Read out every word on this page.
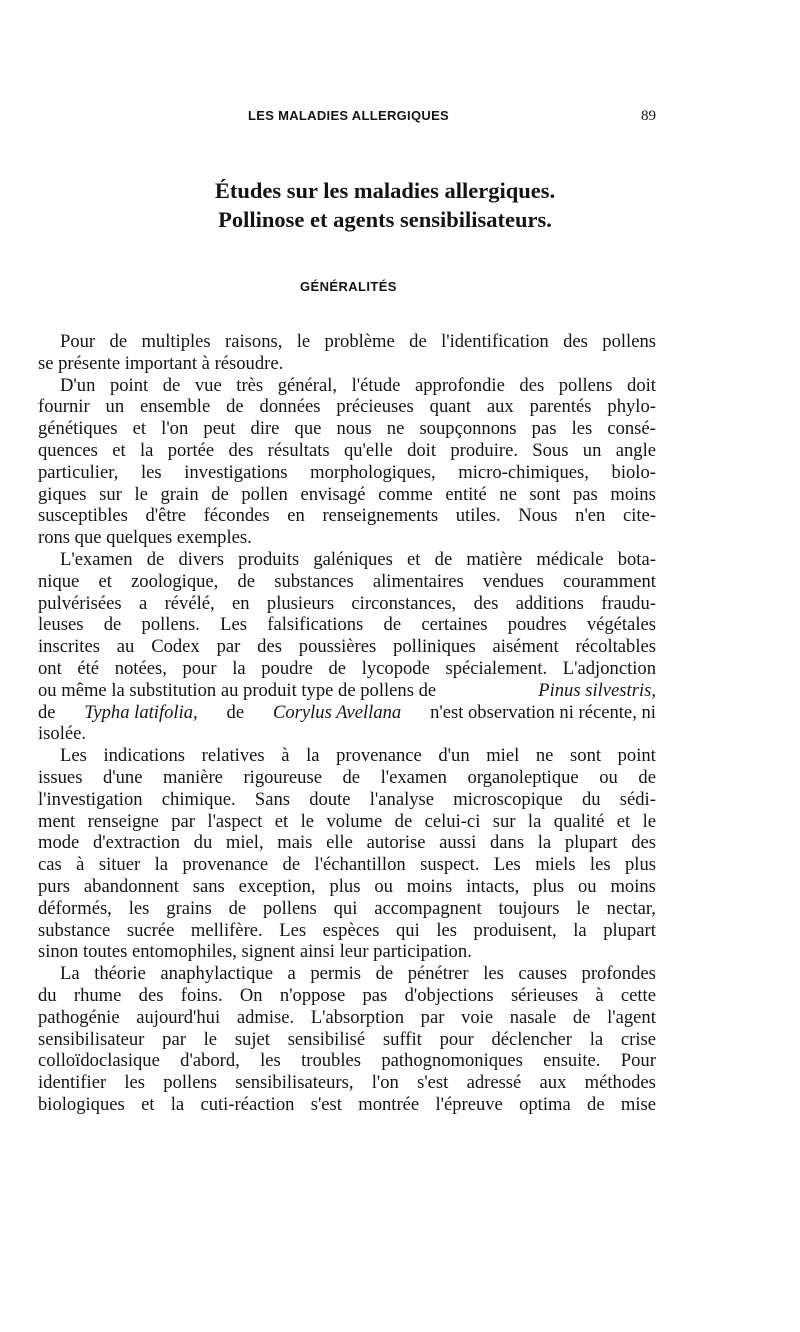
LES MALADIES ALLERGIQUES	89
Études sur les maladies allergiques.
Pollinose et agents sensibilisateurs.
GÉNÉRALITÉS
Pour de multiples raisons, le problème de l'identification des pollens
se présente important à résoudre.
D'un point de vue très général, l'étude approfondie des pollens doit
fournir un ensemble de données précieuses quant aux parentés phylo-
génétiques et l'on peut dire que nous ne soupçonnons pas les consé-
quences et la portée des résultats qu'elle doit produire. Sous un angle
particulier, les investigations morphologiques, micro-chimiques, biolo-
giques sur le grain de pollen envisagé comme entité ne sont pas moins
susceptibles d'être fécondes en renseignements utiles. Nous n'en cite-
rons que quelques exemples.
L'examen de divers produits galéniques et de matière médicale bota-
nique et zoologique, de substances alimentaires vendues couramment
pulvérisées a révélé, en plusieurs circonstances, des additions fraudu-
leuses de pollens. Les falsifications de certaines poudres végétales
inscrites au Codex par des poussières polliniques aisément récoltables
ont été notées, pour la poudre de lycopode spécialement. L'adjonction
ou même la substitution au produit type de pollens de	Pinus silvestris,
de Typha latifolia, de Corylus Avellana n'est observation ni récente, ni
isolée.
Les indications relatives à la provenance d'un miel ne sont point
issues d'une manière rigoureuse de l'examen organoleptique ou de
l'investigation chimique. Sans doute l'analyse microscopique du sédi-
ment renseigne par l'aspect et le volume de celui-ci sur la qualité et le
mode d'extraction du miel, mais elle autorise aussi dans la plupart des
cas à situer la provenance de l'échantillon suspect. Les miels les plus
purs abandonnent sans exception, plus ou moins intacts, plus ou moins
déformés, les grains de pollens qui accompagnent toujours le nectar,
substance sucrée mellifère. Les espèces qui les produisent, la plupart
sinon toutes entomophiles, signent ainsi leur participation.
La théorie anaphylactique a permis de pénétrer les causes profondes
du rhume des foins. On n'oppose pas d'objections sérieuses à cette
pathogénie aujourd'hui admise. L'absorption par voie nasale de l'agent
sensibilisateur par le sujet sensibilisé suffit pour déclencher la crise
colloïdoclasique d'abord, les troubles pathognomoniques ensuite. Pour
identifier les pollens sensibilisateurs, l'on s'est adressé aux méthodes
biologiques et la cuti-réaction s'est montrée l'épreuve optima de mise
